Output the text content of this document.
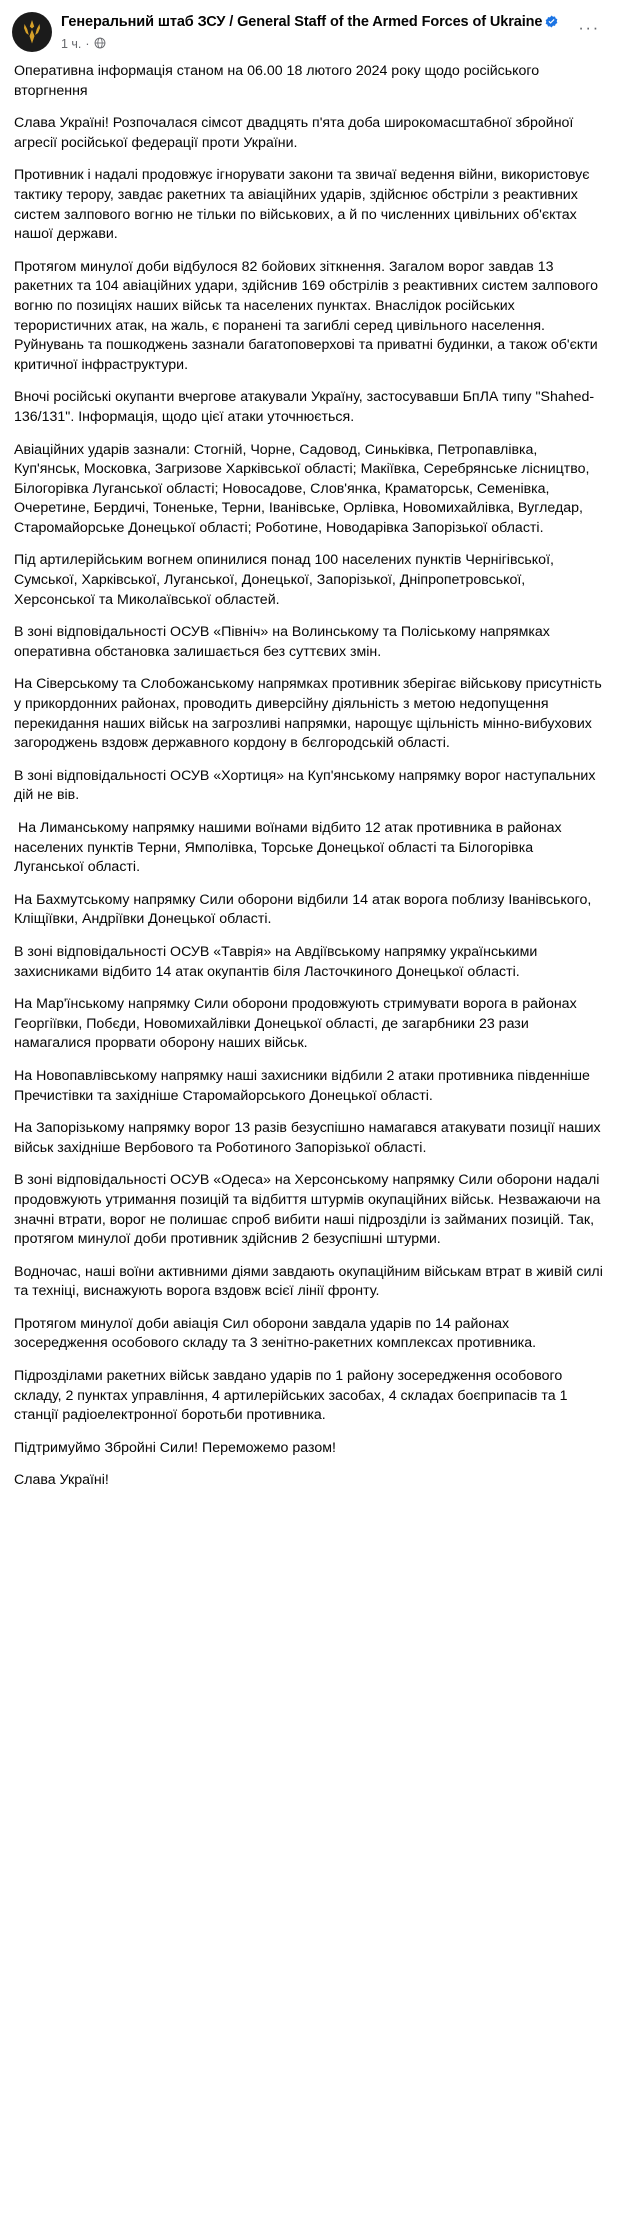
Генеральний штаб ЗСУ / General Staff of the Armed Forces of Ukraine
1 ч. ·
···

Оперативна інформація станом на 06.00 18 лютого 2024 року щодо російського вторгнення

Слава Україні! Розпочалася сімсот двадцять п'ята доба широкомасштабної збройної агресії російської федерації проти України.

Противник і надалі продовжує ігнорувати закони та звичаї ведення війни, використовує тактику терору, завдає ракетних та авіаційних ударів, здійснює обстріли з реактивних систем залпового вогню не тільки по військових, а й по численних цивільних об'єктах нашої держави.

Протягом минулої доби відбулося 82 бойових зіткнення. Загалом ворог завдав 13 ракетних та 104 авіаційних удари, здійснив 169 обстрілів з реактивних систем залпового вогню по позиціях наших військ та населених пунктах. Внаслідок російських терористичних атак, на жаль, є поранені та загиблі серед цивільного населення. Руйнувань та пошкоджень зазнали багатоповерхові та приватні будинки, а також об'єкти критичної інфраструктури.

Вночі російські окупанти вчергове атакували Україну, застосувавши БпЛА типу "Shahed-136/131". Інформація, щодо цієї атаки уточнюється.

Авіаційних ударів зазнали: Стогній, Чорне, Садовод, Синьківка, Петропавлівка, Куп'янськ, Московка, Загризове Харківської області; Макіївка, Серебрянське лісництво, Білогорівка Луганської області; Новосадове, Слов'янка, Краматорськ, Семенівка, Очеретине, Бердичі, Тоненьке, Терни, Іванівське, Орлівка, Новомихайлівка, Вугледар, Старомайорське Донецької області; Роботине, Новодарівка Запорізької області.

Під артилерійським вогнем опинилися понад 100 населених пунктів Чернігівської, Сумської, Харківської, Луганської, Донецької, Запорізької, Дніпропетровської, Херсонської та Миколаївської областей.

В зоні відповідальності ОСУВ «Північ» на Волинському та Поліському напрямках оперативна обстановка залишається без суттєвих змін.

На Сіверському та Слобожанському напрямках противник зберігає військову присутність у прикордонних районах, проводить диверсійну діяльність з метою недопущення перекидання наших військ на загрозливі напрямки, нарощує щільність мінно-вибухових загороджень вздовж державного кордону в бєлгородській області.

В зоні відповідальності ОСУВ «Хортиця» на Куп'янському напрямку ворог наступальних дій не вів.

На Лиманському напрямку нашими воїнами відбито 12 атак противника в районах населених пунктів Терни, Ямполівка, Торське Донецької області та Білогорівка Луганської області.

На Бахмутському напрямку Сили оборони відбили 14 атак ворога поблизу Іванівського, Кліщіївки, Андріївки Донецької області.

В зоні відповідальності ОСУВ «Таврія» на Авдіївському напрямку українськими захисниками відбито 14 атак окупантів біля Ласточкиного Донецької області.

На Мар'їнському напрямку Сили оборони продовжують стримувати ворога в районах Георгіївки, Побєди, Новомихайлівки Донецької області, де загарбники 23 рази намагалися прорвати оборону наших військ.

На Новопавлівському напрямку наші захисники відбили 2 атаки противника південніше Пречистівки та західніше Старомайорського Донецької області.

На Запорізькому напрямку ворог 13 разів безуспішно намагався атакувати позиції наших військ західніше Вербового та Роботиного Запорізької області.

В зоні відповідальності ОСУВ «Одеса» на Херсонському напрямку Сили оборони надалі продовжують утримання позицій та відбиття штурмів окупаційних військ. Незважаючи на значні втрати, ворог не полишає спроб вибити наші підрозділи із займаних позицій. Так, протягом минулої доби противник здійснив 2 безуспішні штурми.

Водночас, наші воїни активними діями завдають окупаційним військам втрат в живій силі та техніці, виснажують ворога вздовж всієї лінії фронту.

Протягом минулої доби авіація Сил оборони завдала ударів по 14 районах зосередження особового складу та 3 зенітно-ракетних комплексах противника.

Підрозділами ракетних військ завдано ударів по 1 району зосередження особового складу, 2 пунктах управління, 4 артилерійських засобах, 4 складах боєприпасів та 1 станції радіоелектронної боротьби противника.

Підтримуймо Збройні Сили! Переможемо разом!

Слава Україні!
